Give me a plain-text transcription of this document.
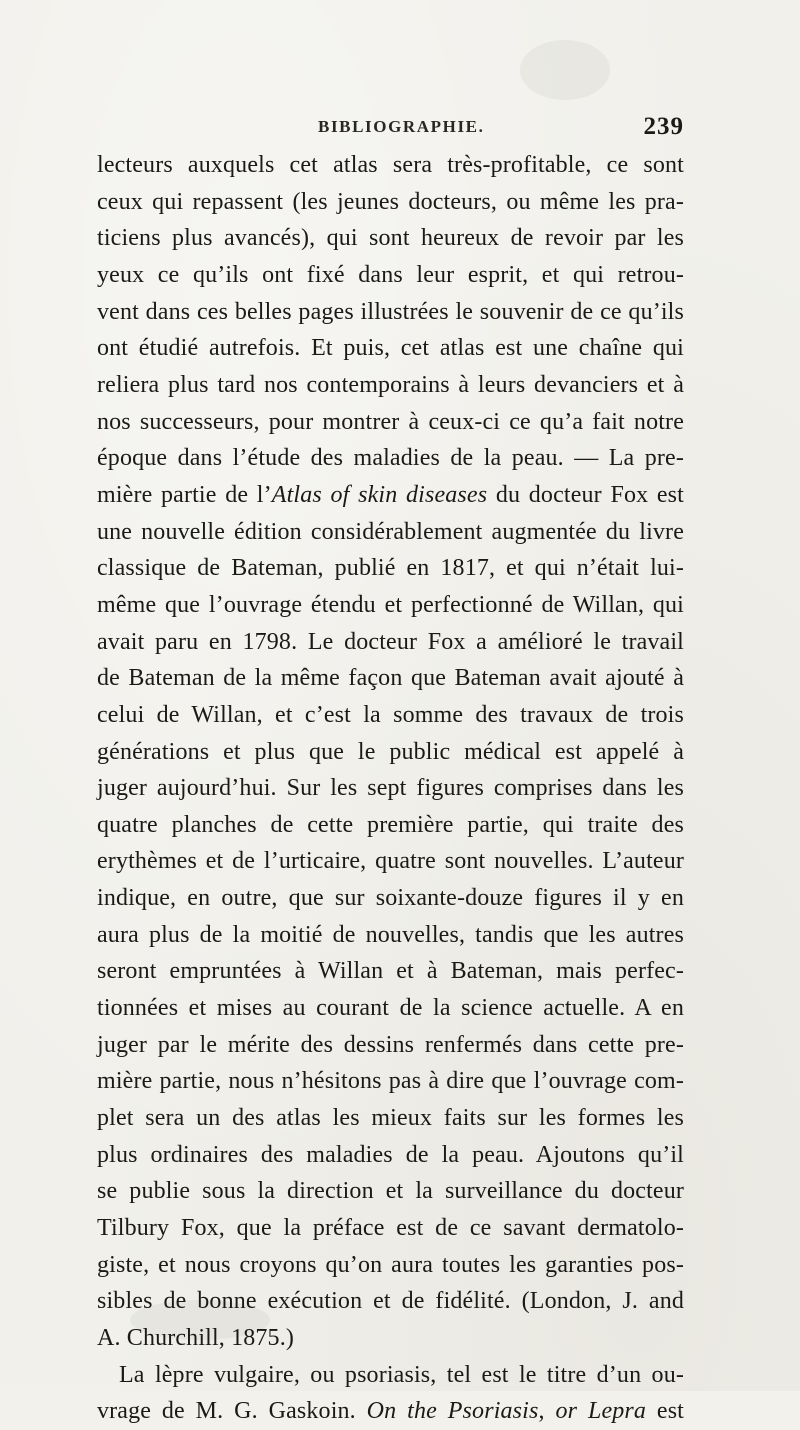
BIBLIOGRAPHIE.	239
lecteurs auxquels cet atlas sera très-profitable, ce sont
ceux qui repassent (les jeunes docteurs, ou même les pra-
ticiens plus avancés), qui sont heureux de revoir par les
yeux ce qu’ils ont fixé dans leur esprit, et qui retrou-
vent dans ces belles pages illustrées le souvenir de ce qu’ils
ont étudié autrefois. Et puis, cet atlas est une chaîne qui
reliera plus tard nos contemporains à leurs devanciers et à
nos successeurs, pour montrer à ceux-ci ce qu’a fait notre
époque dans l’étude des maladies de la peau. — La pre-
mière partie de l’Atlas of skin diseases du docteur Fox est
une nouvelle édition considérablement augmentée du livre
classique de Bateman, publié en 1817, et qui n’était lui-
même que l’ouvrage étendu et perfectionné de Willan, qui
avait paru en 1798. Le docteur Fox a amélioré le travail
de Bateman de la même façon que Bateman avait ajouté à
celui de Willan, et c’est la somme des travaux de trois
générations et plus que le public médical est appelé à
juger aujourd’hui. Sur les sept figures comprises dans les
quatre planches de cette première partie, qui traite des
erythèmes et de l’urticaire, quatre sont nouvelles. L’auteur
indique, en outre, que sur soixante-douze figures il y en
aura plus de la moitié de nouvelles, tandis que les autres
seront empruntées à Willan et à Bateman, mais perfec-
tionnées et mises au courant de la science actuelle. A en
juger par le mérite des dessins renfermés dans cette pre-
mière partie, nous n’hésitons pas à dire que l’ouvrage com-
plet sera un des atlas les mieux faits sur les formes les
plus ordinaires des maladies de la peau. Ajoutons qu’il
se publie sous la direction et la surveillance du docteur
Tilbury Fox, que la préface est de ce savant dermatolo-
giste, et nous croyons qu’on aura toutes les garanties pos-
sibles de bonne exécution et de fidélité. (London, J. and
A. Churchill, 1875.)
La lèpre vulgaire, ou psoriasis, tel est le titre d’un ou-
vrage de M. G. Gaskoin. On the Psoriasis, or Lepra est
